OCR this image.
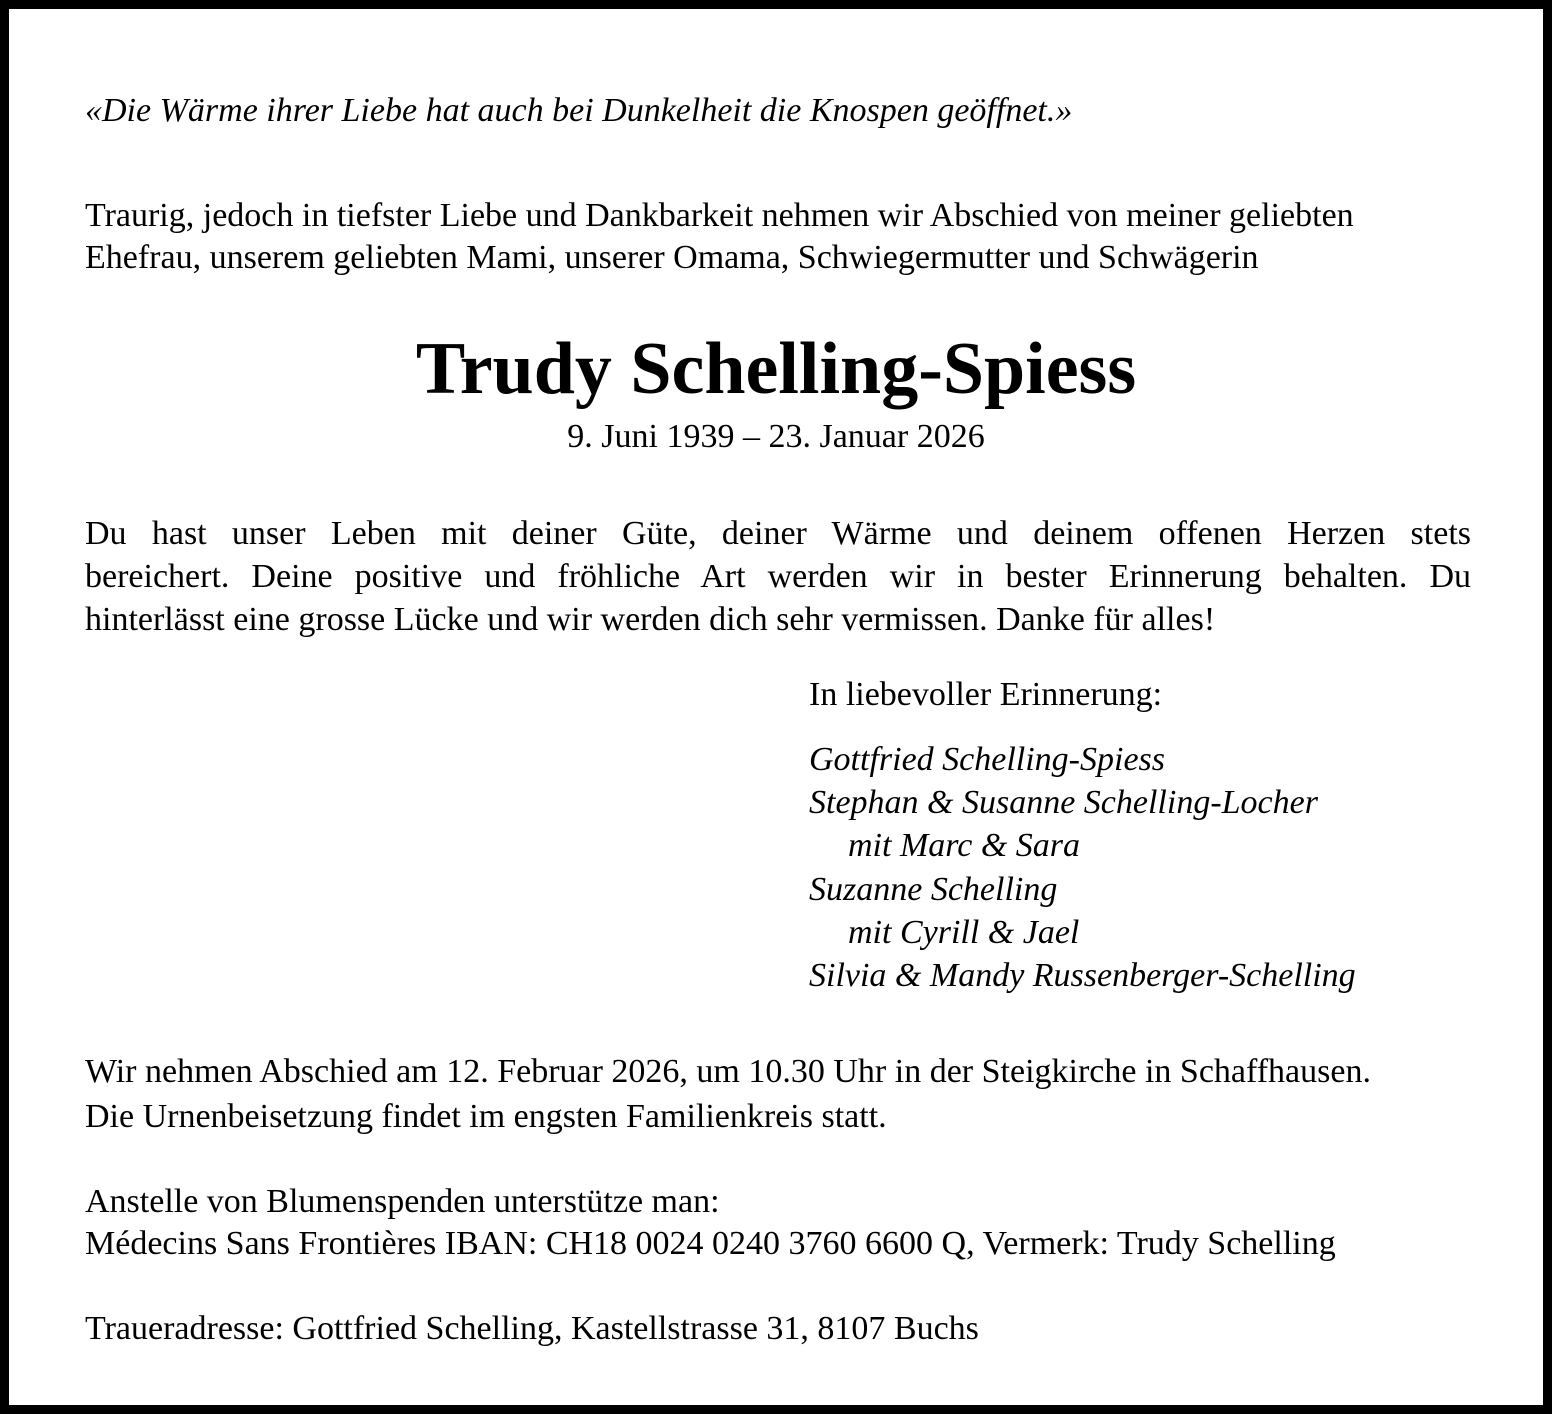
«Die Wärme ihrer Liebe hat auch bei Dunkelheit die Knospen geöffnet.»

Traurig, jedoch in tiefster Liebe und Dankbarkeit nehmen wir Abschied von meiner geliebten
Ehefrau, unserem geliebten Mami, unserer Omama, Schwiegermutter und Schwägerin
Trudy Schelling-Spiess

9. Juni 1939 – 23. Januar 2026

Du hast unser Leben mit deiner Güte, deiner Wärme und deinem offenen Herzen stets
bereichert. Deine positive und fröhliche Art werden wir in bester Erinnerung behalten. Du
hinterlässt eine grosse Lücke und wir werden dich sehr vermissen. Danke für alles!

In liebevoller Erinnerung:

Gottfried Schelling-Spiess
Stephan & Susanne Schelling-Locher
mit Marc & Sara
Suzanne Schelling
mit Cyrill & Jael
Silvia & Mandy Russenberger-Schelling
Wir nehmen Abschied am 12. Februar 2026, um 10.30 Uhr in der Steigkirche in Schaffhausen.
Die Urnenbeisetzung findet im engsten Familienkreis statt.
Anstelle von Blumenspenden unterstütze man:
Médecins Sans Frontières IBAN: CH18 0024 0240 3760 6600 Q, Vermerk: Trudy Schelling

Traueradresse: Gottfried Schelling, Kastellstrasse 31, 8107 Buchs
